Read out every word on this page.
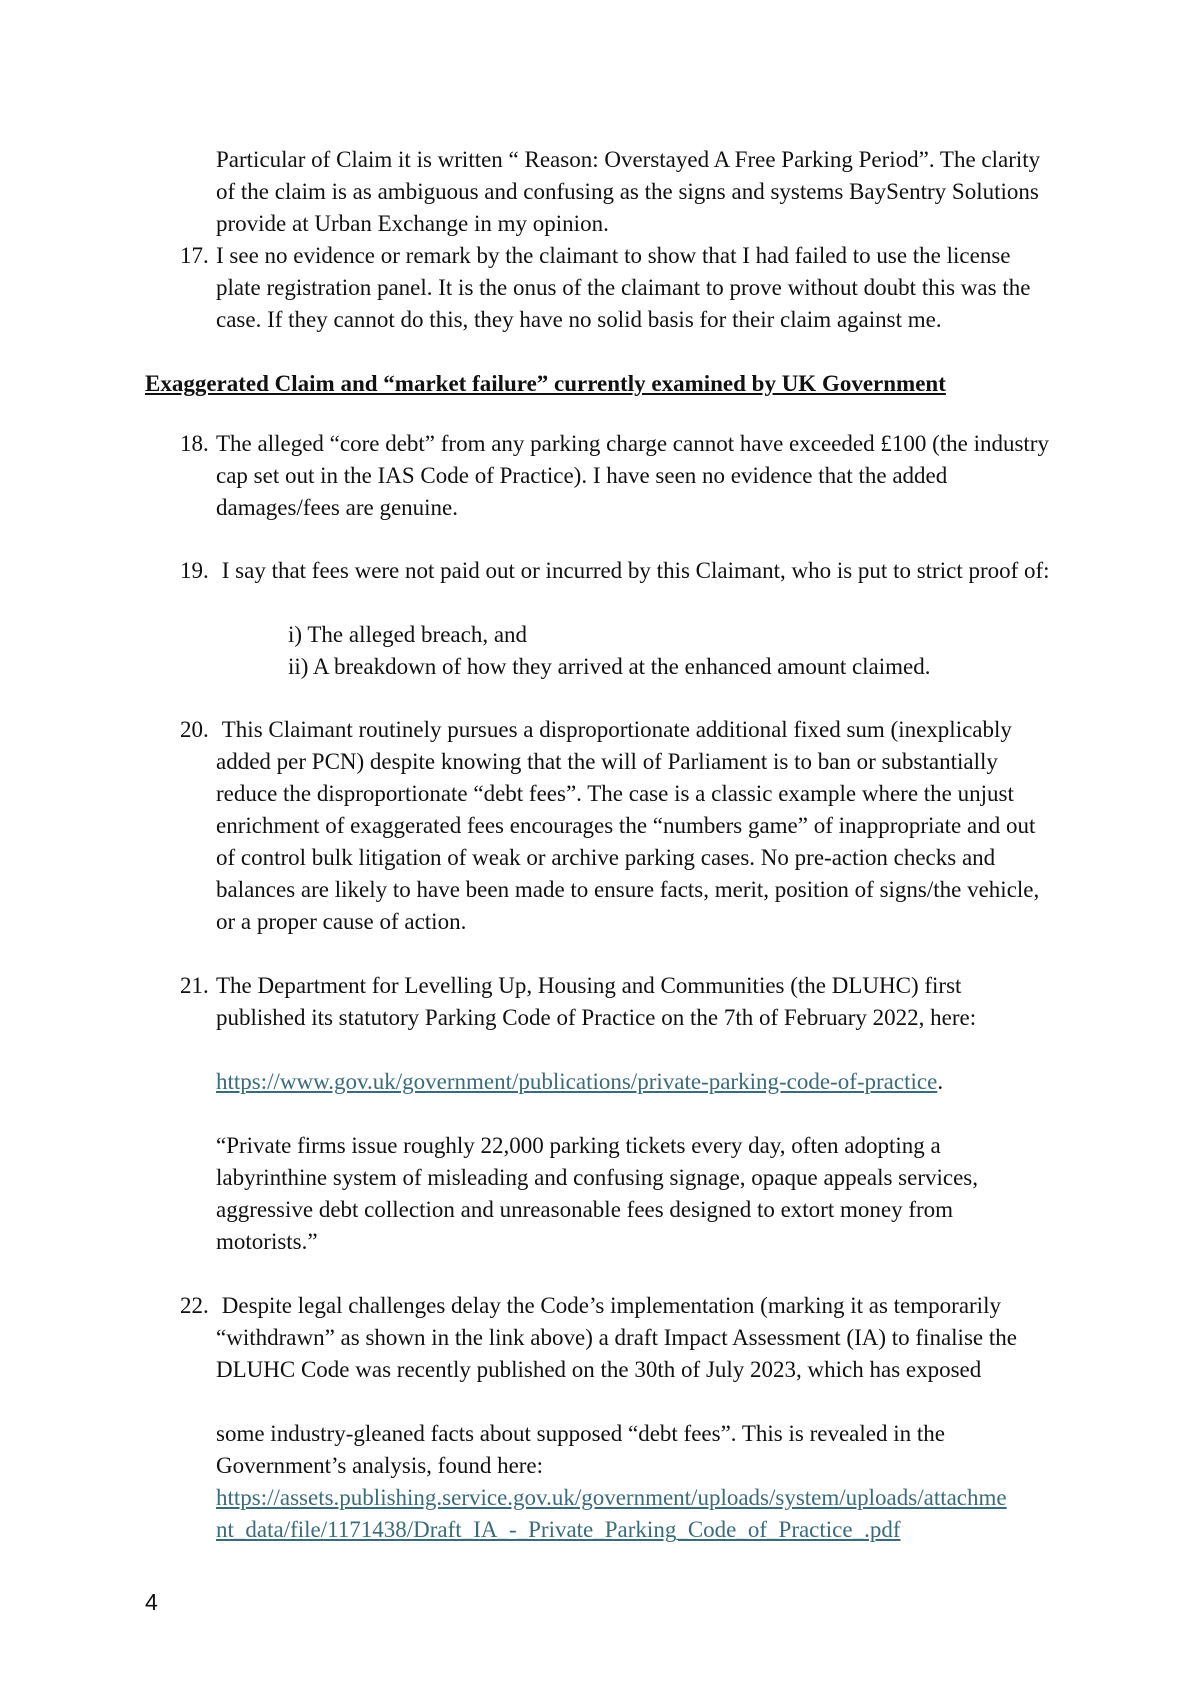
Particular of Claim it is written “ Reason: Overstayed A Free Parking Period”. The clarity of the claim is as ambiguous and confusing as the signs and systems BaySentry Solutions provide at Urban Exchange in my opinion.
17. I see no evidence or remark by the claimant to show that I had failed to use the license plate registration panel. It is the onus of the claimant to prove without doubt this was the case. If they cannot do this, they have no solid basis for their claim against me.
Exaggerated Claim and “market failure” currently examined by UK Government
18. The alleged “core debt” from any parking charge cannot have exceeded £100 (the industry cap set out in the IAS Code of Practice). I have seen no evidence that the added damages/fees are genuine.
19. I say that fees were not paid out or incurred by this Claimant, who is put to strict proof of:
i) The alleged breach, and
ii) A breakdown of how they arrived at the enhanced amount claimed.
20. This Claimant routinely pursues a disproportionate additional fixed sum (inexplicably added per PCN) despite knowing that the will of Parliament is to ban or substantially reduce the disproportionate “debt fees”. The case is a classic example where the unjust enrichment of exaggerated fees encourages the “numbers game” of inappropriate and out of control bulk litigation of weak or archive parking cases. No pre-action checks and balances are likely to have been made to ensure facts, merit, position of signs/the vehicle, or a proper cause of action.
21. The Department for Levelling Up, Housing and Communities (the DLUHC) first published its statutory Parking Code of Practice on the 7th of February 2022, here:
https://www.gov.uk/government/publications/private-parking-code-of-practice.
“Private firms issue roughly 22,000 parking tickets every day, often adopting a labyrinthine system of misleading and confusing signage, opaque appeals services, aggressive debt collection and unreasonable fees designed to extort money from motorists.”
22. Despite legal challenges delay the Code’s implementation (marking it as temporarily “withdrawn” as shown in the link above) a draft Impact Assessment (IA) to finalise the DLUHC Code was recently published on the 30th of July 2023, which has exposed
some industry-gleaned facts about supposed “debt fees”. This is revealed in the Government’s analysis, found here:
https://assets.publishing.service.gov.uk/government/uploads/system/uploads/attachme
nt_data/file/1171438/Draft_IA_-_Private_Parking_Code_of_Practice_.pdf
4
